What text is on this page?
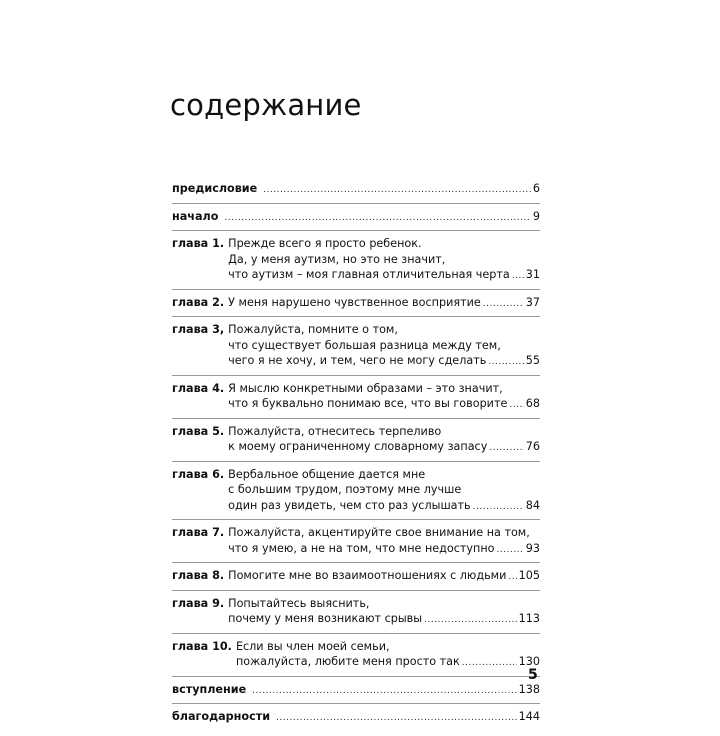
содержание
предисловие .....	6
начало .....	9
глава 1. Прежде всего я просто ребенок.
Да, у меня аутизм, но это не значит,
что аутизм – моя главная отличительная черта ..... 31
глава 2. У меня нарушено чувственное восприятие .....	37
глава 3, Пожалуйста, помните о том,
что существует большая разница между тем,
чего я не хочу, и тем, чего не могу сделать .....	55
глава 4. Я мыслю конкретными образами – это значит,
что я буквально понимаю все, что вы говорите ..... 68
глава 5. Пожалуйста, отнеситесь терпеливо
к моему ограниченному словарному запасу .....	76
глава 6. Вербальное общение дается мне
с большим трудом, поэтому мне лучше
один раз увидеть, чем сто раз услышать .....	84
глава 7. Пожалуйста, акцентируйте свое внимание на том,
что я умею, а не на том, что мне недоступно .....	93
глава 8. Помогите мне во взаимоотношениях с людьми ..... 105
глава 9. Попытайтесь выяснить,
почему у меня возникают срывы .....	113
глава 10. Если вы член моей семьи,
пожалуйста, любите меня просто так .....	130
вступление .....	138
благодарности .....	144
5
